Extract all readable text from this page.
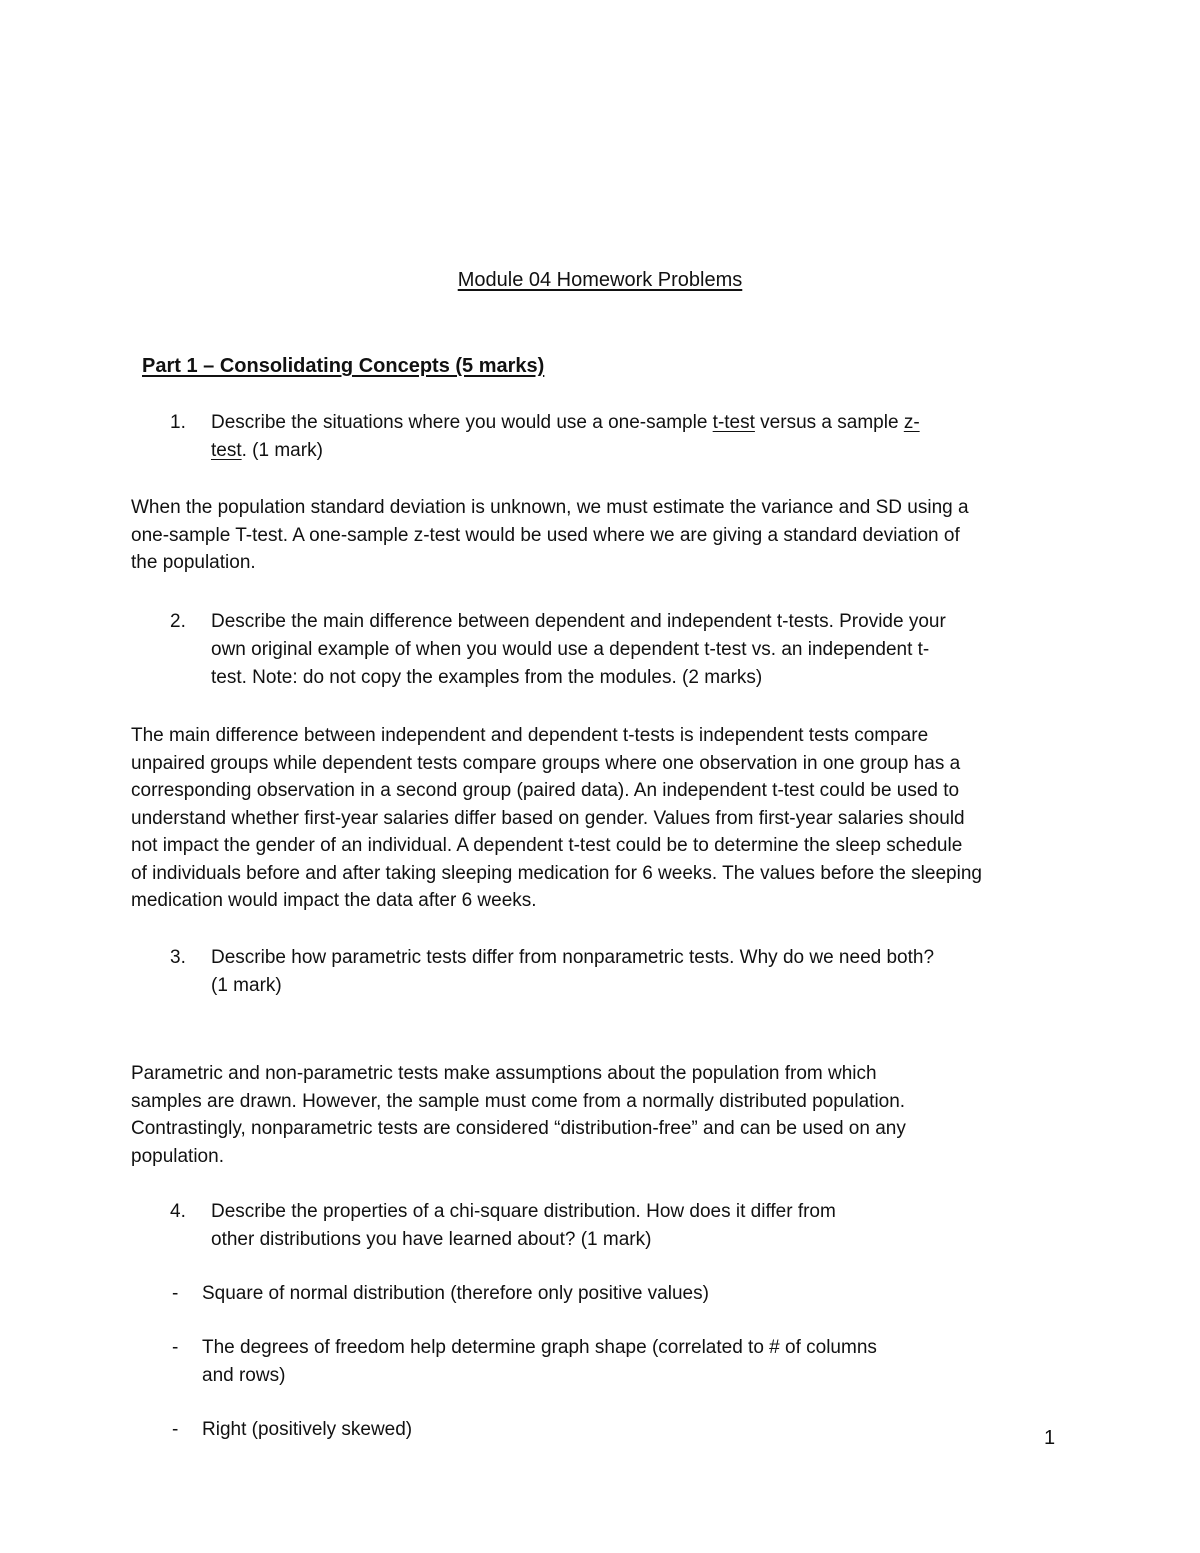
Module 04 Homework Problems
Part 1 – Consolidating Concepts (5 marks)
1.	Describe the situations where you would use a one-sample t-test versus a sample z-
test. (1 mark)
When the population standard deviation is unknown, we must estimate the variance and SD using a
one-sample T-test. A one-sample z-test would be used where we are giving a standard deviation of
the population.
2.	Describe the main difference between dependent and independent t-tests. Provide your
own original example of when you would use a dependent t-test vs. an independent t-
test. Note: do not copy the examples from the modules. (2 marks)
The main difference between independent and dependent t-tests is independent tests compare
unpaired groups while dependent tests compare groups where one observation in one group has a
corresponding observation in a second group (paired data). An independent t-test could be used to
understand whether first-year salaries differ based on gender. Values from first-year salaries should
not impact the gender of an individual. A dependent t-test could be to determine the sleep schedule
of individuals before and after taking sleeping medication for 6 weeks. The values before the sleeping
medication would impact the data after 6 weeks.
3.	Describe how parametric tests differ from nonparametric tests. Why do we need both?
(1 mark)
Parametric and non-parametric tests make assumptions about the population from which
samples are drawn. However, the sample must come from a normally distributed population.
Contrastingly, nonparametric tests are considered “distribution-free” and can be used on any
population.
4.	Describe the properties of a chi-square distribution. How does it differ from
other distributions you have learned about? (1 mark)
- Square of normal distribution (therefore only positive values)
- The degrees of freedom help determine graph shape (correlated to # of columns
and rows)
- Right (positively skewed)	1
